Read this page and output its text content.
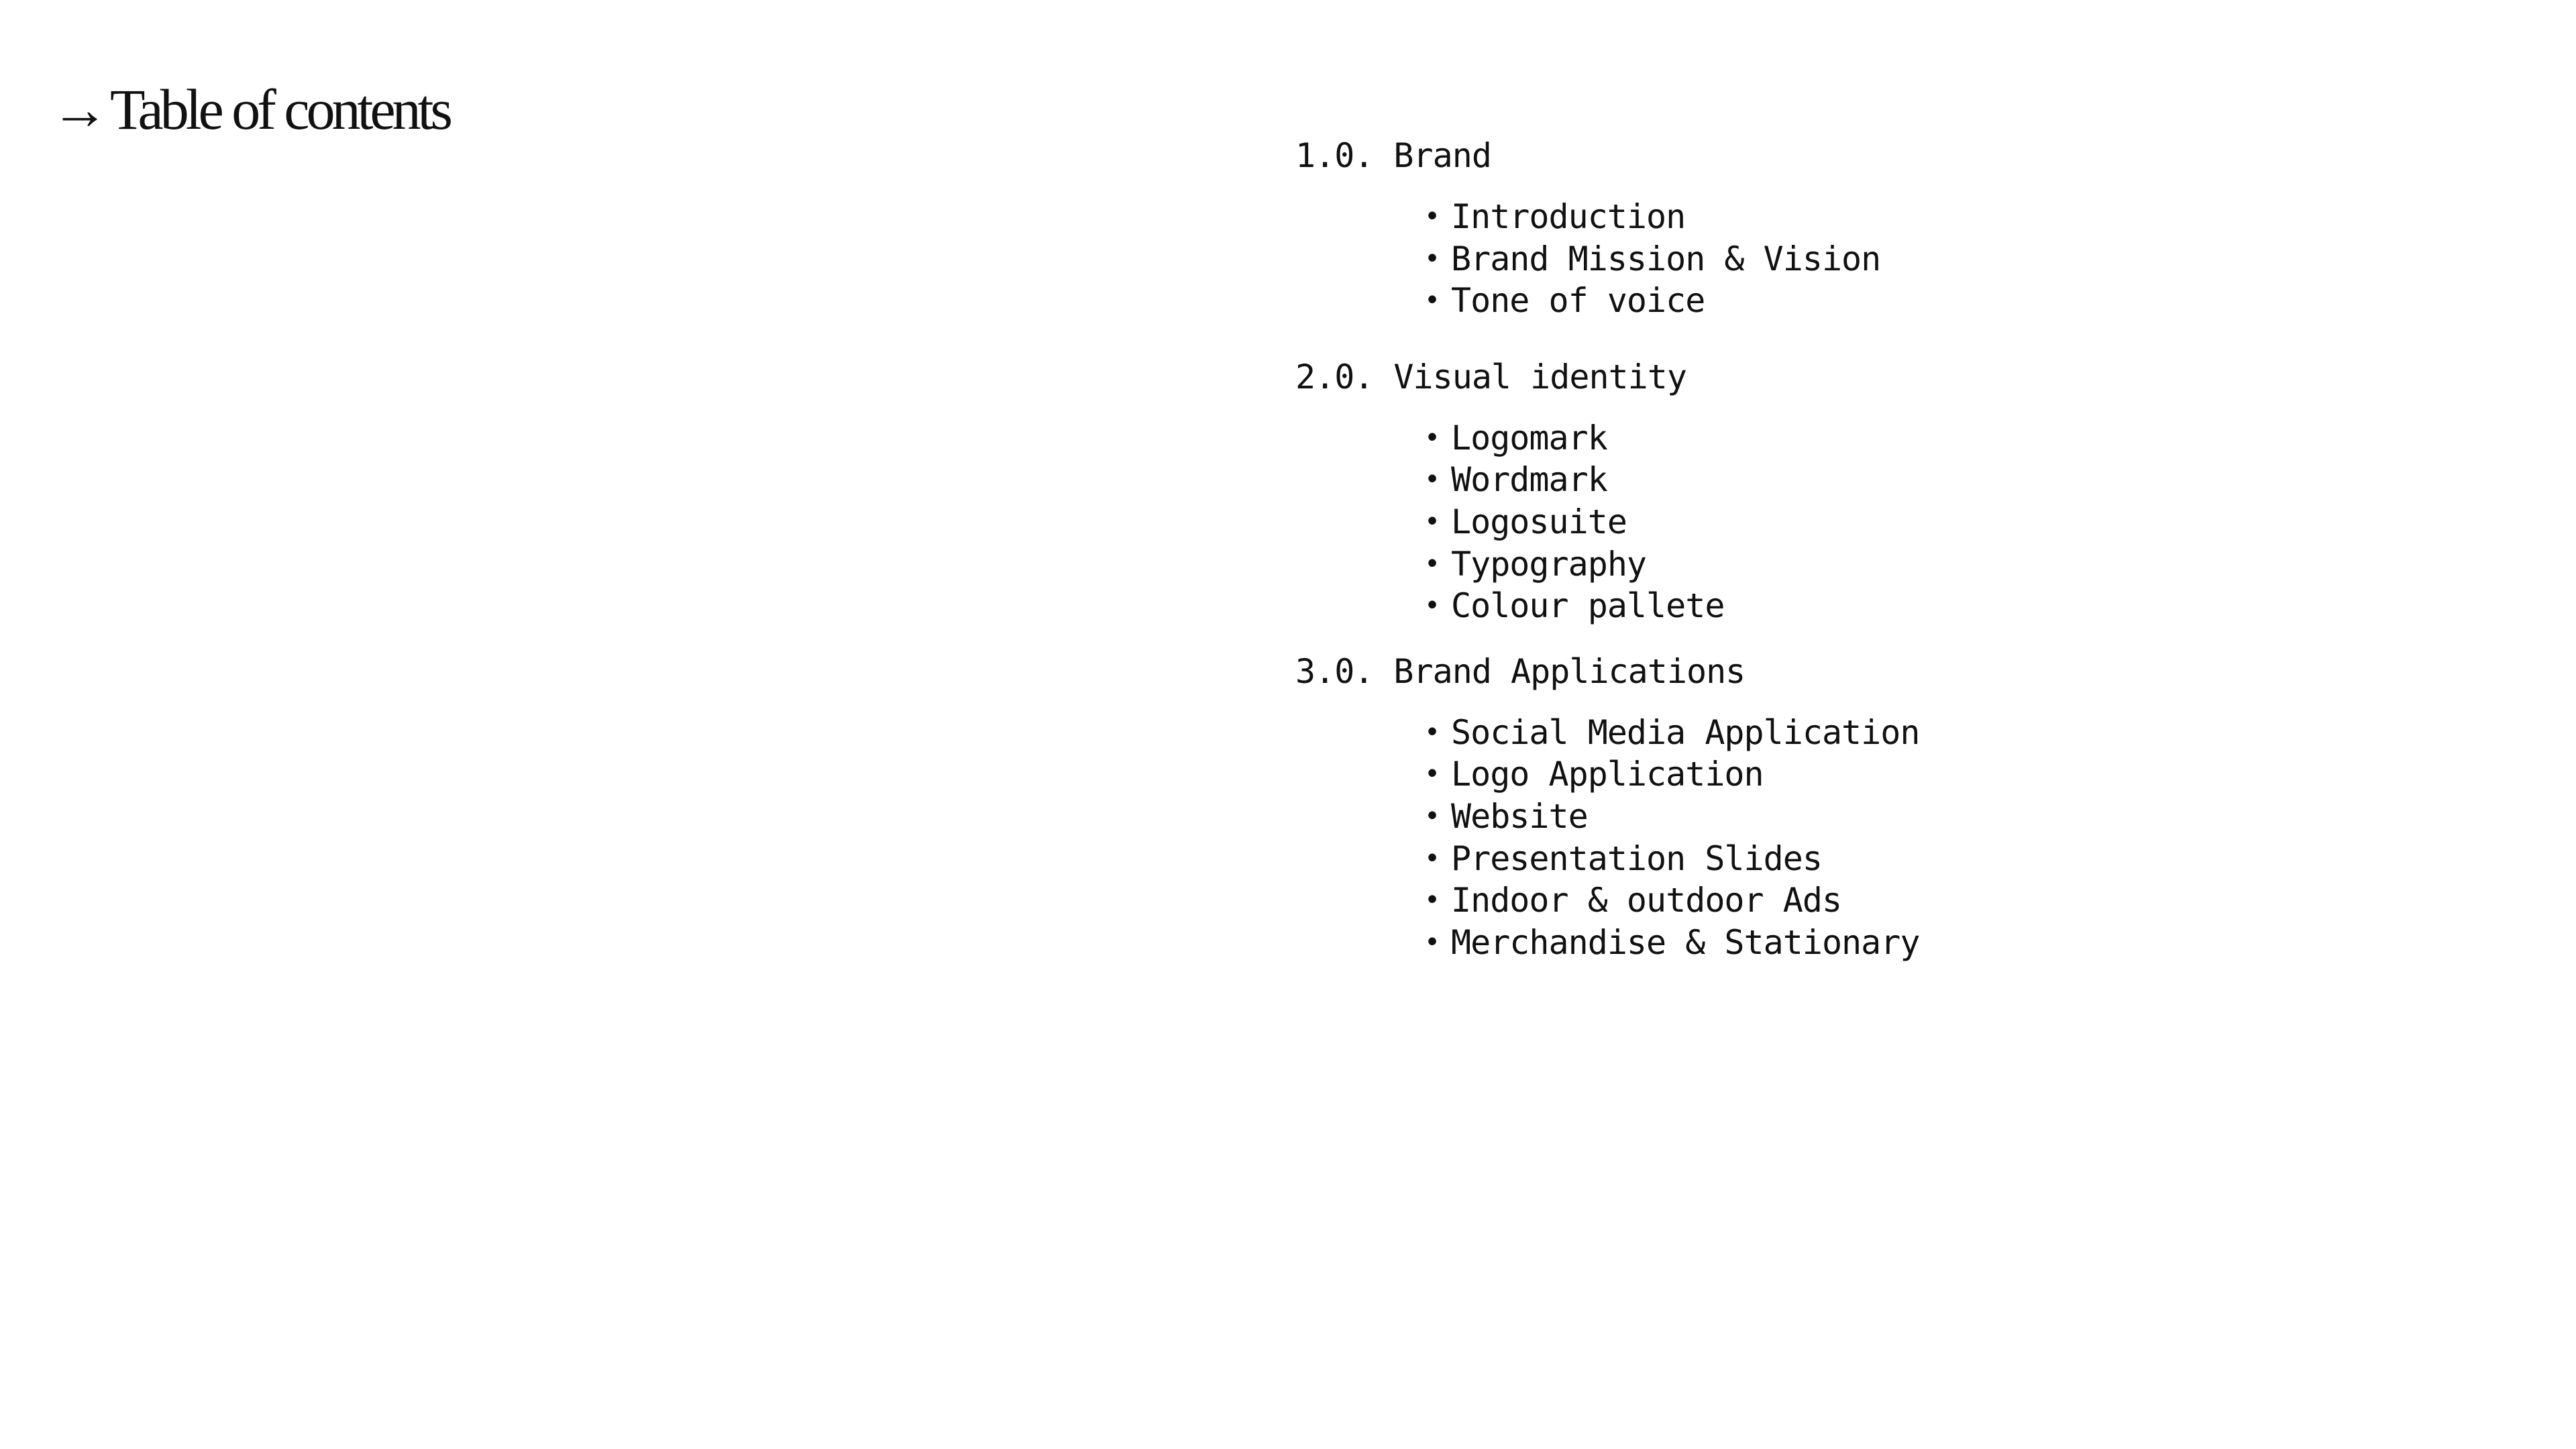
→ Table of contents
1.0. Brand
• Introduction
• Brand Mission & Vision
• Tone of voice
2.0. Visual identity
• Logomark
• Wordmark
• Logosuite
• Typography
• Colour pallete
3.0. Brand Applications
• Social Media Application
• Logo Application
• Website
• Presentation Slides
• Indoor & outdoor Ads
• Merchandise & Stationary
